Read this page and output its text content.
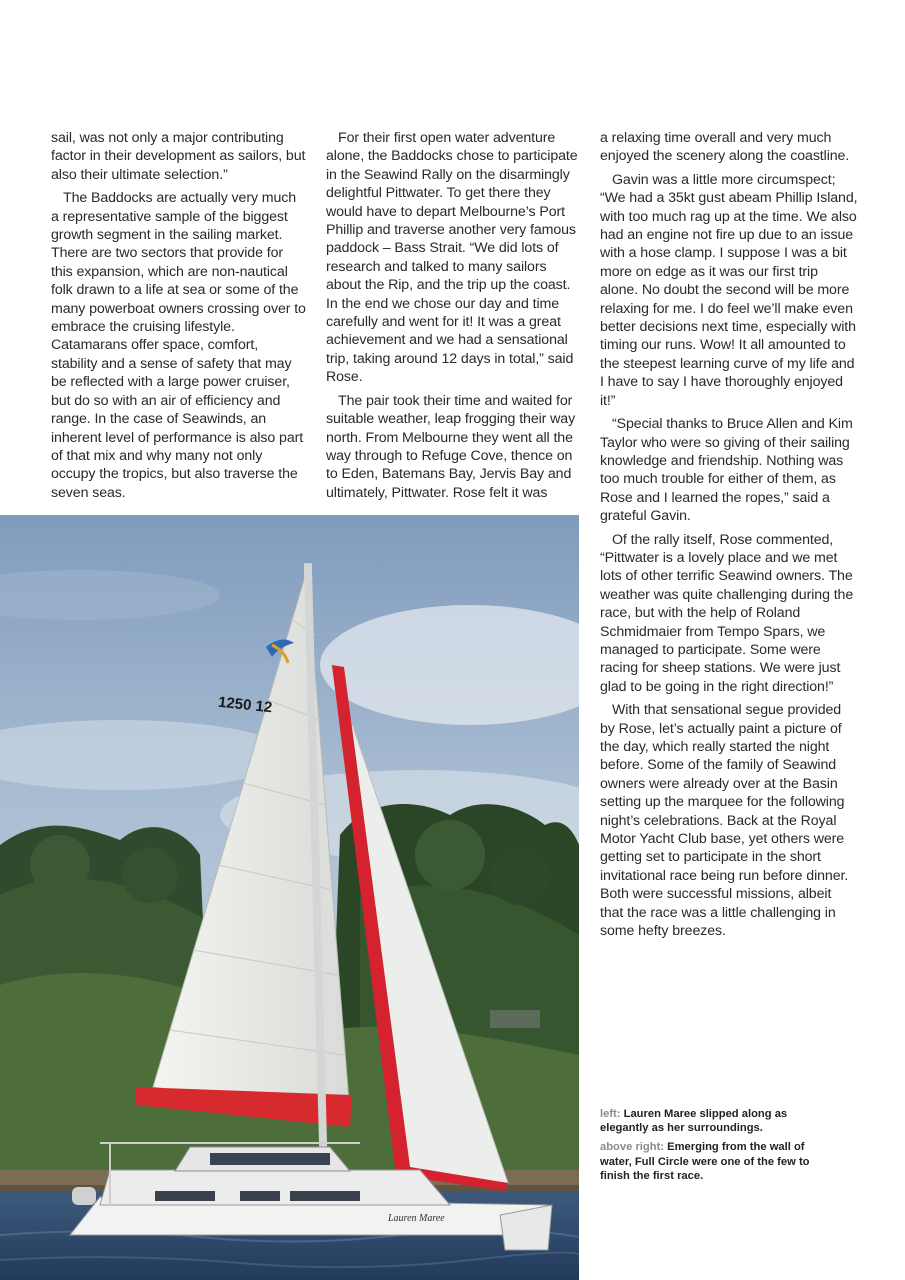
sail, was not only a major contributing factor in their development as sailors, but also their ultimate selection.”

The Baddocks are actually very much a representative sample of the biggest growth segment in the sailing market. There are two sectors that provide for this expansion, which are non-nautical folk drawn to a life at sea or some of the many powerboat owners crossing over to embrace the cruising lifestyle. Catamarans offer space, comfort, stability and a sense of safety that may be reflected with a large power cruiser, but do so with an air of efficiency and range. In the case of Seawinds, an inherent level of performance is also part of that mix and why many not only occupy the tropics, but also traverse the seven seas.

For their first open water adventure alone, the Baddocks chose to participate in the Seawind Rally on the disarmingly delightful Pittwater. To get there they would have to depart Melbourne’s Port Phillip and traverse another very famous paddock – Bass Strait. “We did lots of research and talked to many sailors about the Rip, and the trip up the coast. In the end we chose our day and time carefully and went for it! It was a great achievement and we had a sensational trip, taking around 12 days in total,” said Rose.

The pair took their time and waited for suitable weather, leap frogging their way north. From Melbourne they went all the way through to Refuge Cove, thence on to Eden, Batemans Bay, Jervis Bay and ultimately, Pittwater. Rose felt it was

a relaxing time overall and very much enjoyed the scenery along the coastline.

Gavin was a little more circumspect; “We had a 35kt gust abeam Phillip Island, with too much rag up at the time. We also had an engine not fire up due to an issue with a hose clamp. I suppose I was a bit more on edge as it was our first trip alone. No doubt the second will be more relaxing for me. I do feel we’ll make even better decisions next time, especially with timing our runs. Wow! It all amounted to the steepest learning curve of my life and I have to say I have thoroughly enjoyed it!”

“Special thanks to Bruce Allen and Kim Taylor who were so giving of their sailing knowledge and friendship. Nothing was too much trouble for either of them, as Rose and I learned the ropes,” said a grateful Gavin.

Of the rally itself, Rose commented, “Pittwater is a lovely place and we met lots of other terrific Seawind owners. The weather was quite challenging during the race, but with the help of Roland Schmidmaier from Tempo Spars, we managed to participate. Some were racing for sheep stations. We were just glad to be going in the right direction!”

With that sensational segue provided by Rose, let’s actually paint a picture of the day, which really started the night before. Some of the family of Seawind owners were already over at the Basin setting up the marquee for the following night’s celebrations. Back at the Royal Motor Yacht Club base, yet others were getting set to participate in the short invitational race being run before dinner. Both were successful missions, albeit that the race was a little challenging in some hefty breezes.

1250 12
Lauren Maree

left: Lauren Maree slipped along as elegantly as her surroundings.

above right: Emerging from the wall of water, Full Circle were one of the few to finish the first race.
